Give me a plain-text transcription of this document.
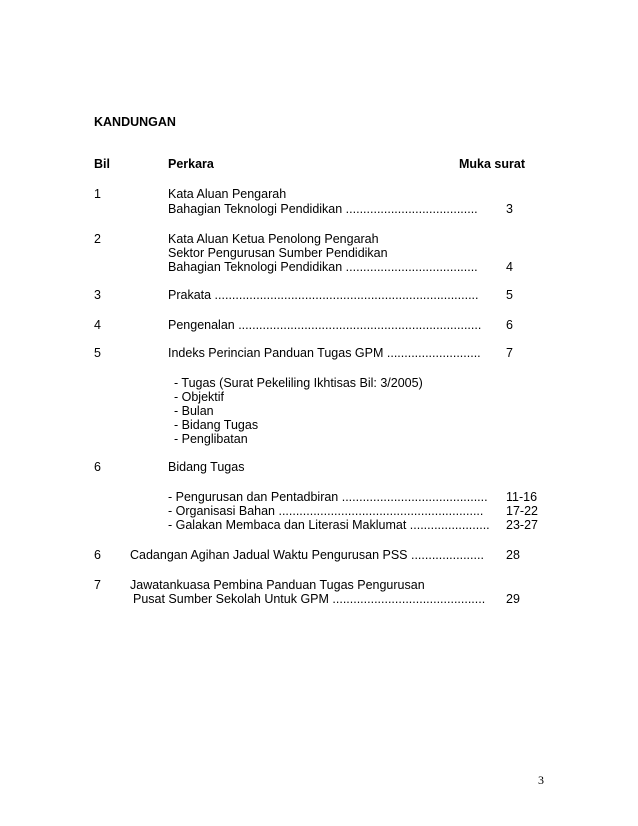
KANDUNGAN
Bil	Perkara	Muka surat
1	Kata Aluan Pengarah
Bahagian Teknologi Pendidikan ...................................... 3
2	Kata Aluan Ketua Penolong Pengarah
Sektor Pengurusan Sumber Pendidikan
Bahagian Teknologi Pendidikan ...................................... 4
3	Prakata ............................................................................ 5
4	Pengenalan ...................................................................... 6
5	Indeks Perincian Panduan Tugas GPM ........................... 7
- Tugas (Surat Pekeliling Ikhtisas Bil: 3/2005)
- Objektif
- Bulan
- Bidang Tugas
- Penglibatan
6	Bidang Tugas
- Pengurusan dan Pentadbiran .......................................... 11-16
- Organisasi Bahan ........................................................... 17-22
- Galakan Membaca dan Literasi Maklumat ....................... 23-27
6 Cadangan Agihan Jadual Waktu Pengurusan PSS ..................... 28
7 Jawatankuasa Pembina Panduan Tugas Pengurusan
Pusat Sumber Sekolah Untuk GPM ............................................ 29
3
